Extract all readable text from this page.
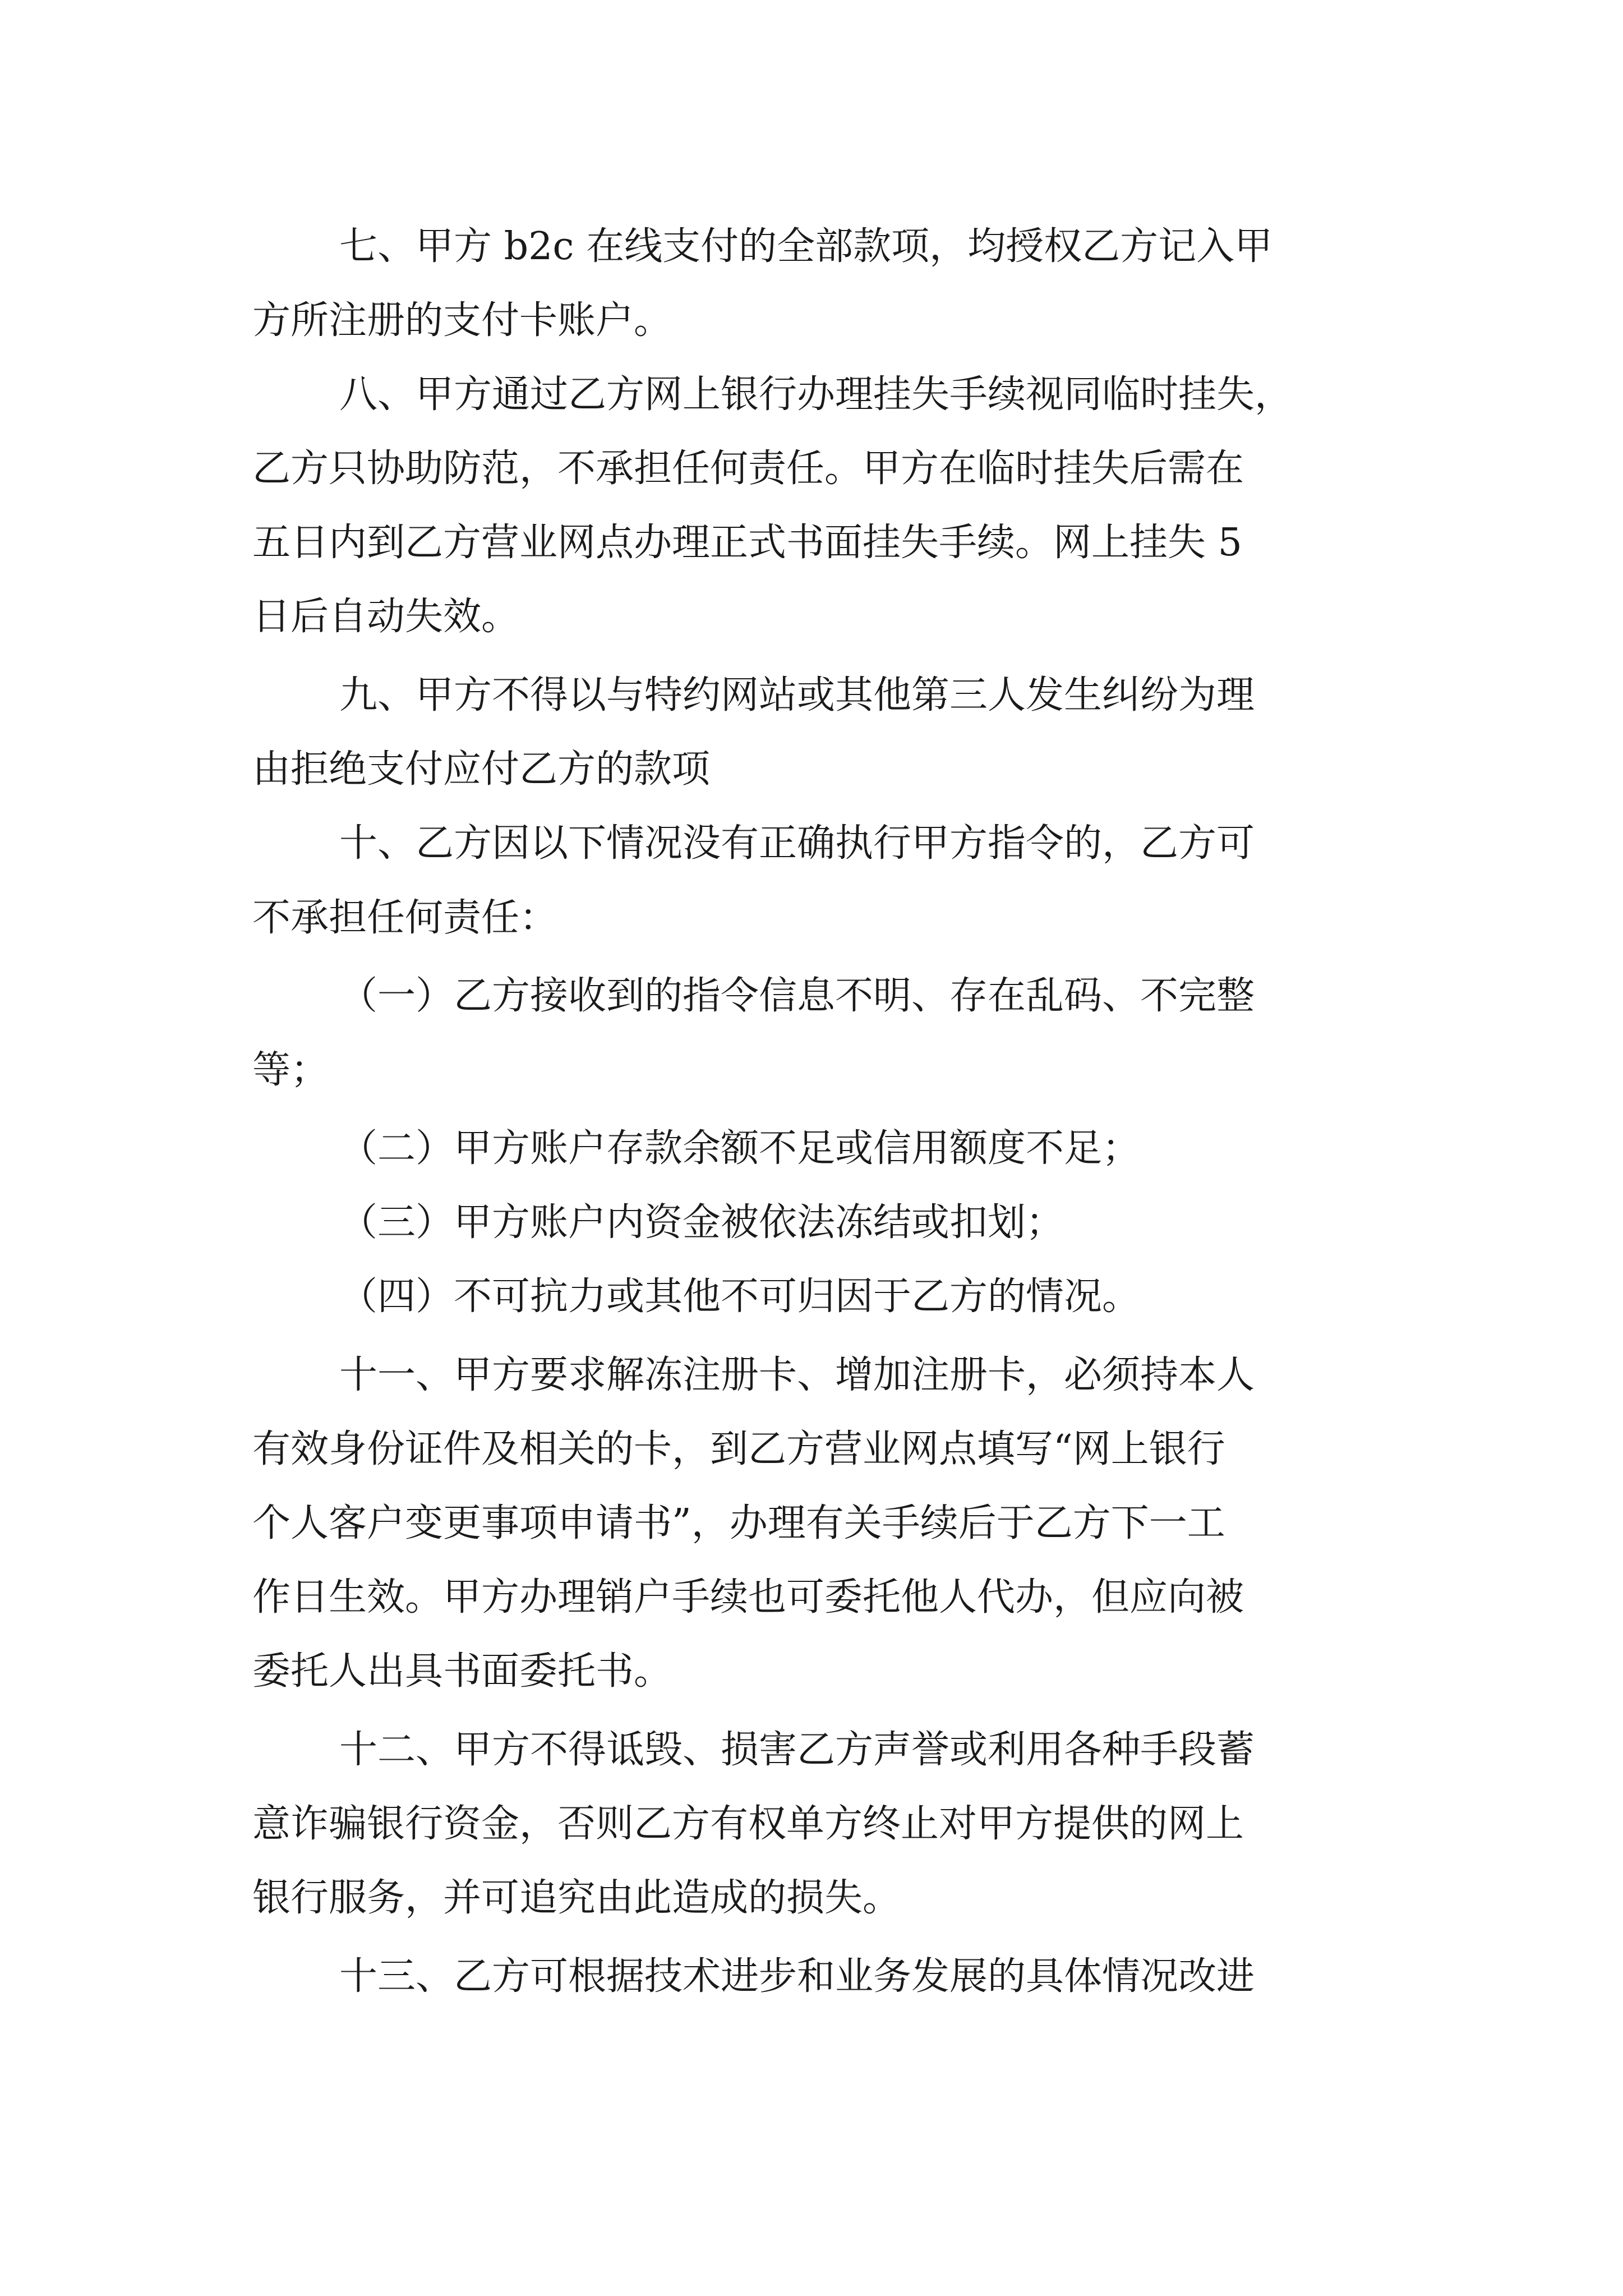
七、甲方 b2c 在线支付的全部款项，均授权乙方记入甲
方所注册的支付卡账户。
八、甲方通过乙方网上银行办理挂失手续视同临时挂失，
乙方只协助防范，不承担任何责任。甲方在临时挂失后需在
五日内到乙方营业网点办理正式书面挂失手续。网上挂失 5
日后自动失效。
九、甲方不得以与特约网站或其他第三人发生纠纷为理
由拒绝支付应付乙方的款项
十、乙方因以下情况没有正确执行甲方指令的，乙方可
不承担任何责任：
（一）乙方接收到的指令信息不明、存在乱码、不完整
等；
（二）甲方账户存款余额不足或信用额度不足；
（三）甲方账户内资金被依法冻结或扣划；
（四）不可抗力或其他不可归因于乙方的情况。
十一、甲方要求解冻注册卡、增加注册卡，必须持本人
有效身份证件及相关的卡，到乙方营业网点填写“网上银行
个人客户变更事项申请书”，办理有关手续后于乙方下一工
作日生效。甲方办理销户手续也可委托他人代办，但应向被
委托人出具书面委托书。
十二、甲方不得诋毁、损害乙方声誉或利用各种手段蓄
意诈骗银行资金，否则乙方有权单方终止对甲方提供的网上
银行服务，并可追究由此造成的损失。
十三、乙方可根据技术进步和业务发展的具体情况改进
